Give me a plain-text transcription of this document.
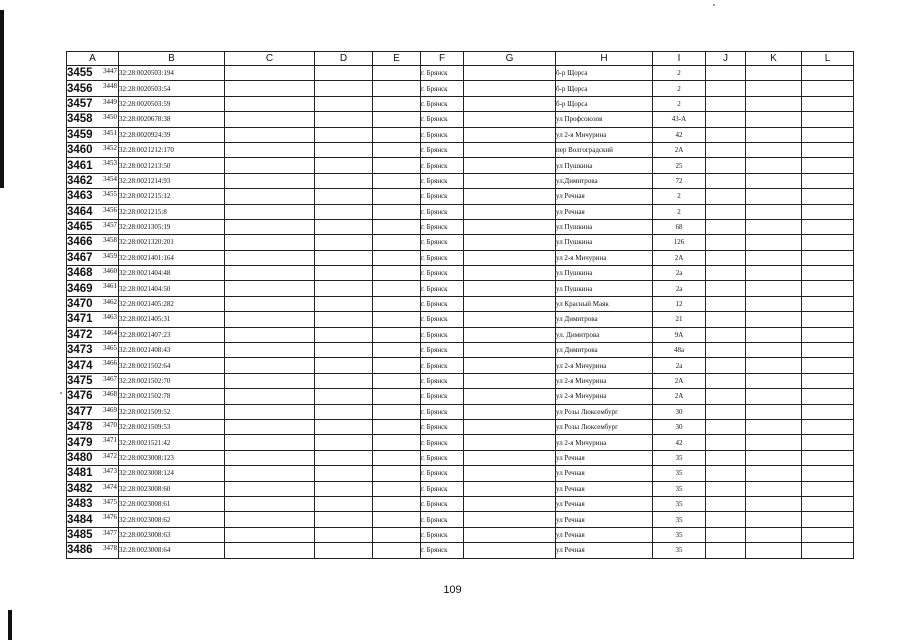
A	B	C	D	E	F	G	H	I	J	K	L
3455 3447	32:28:0020503:194				г. Брянск		б-р Щорса	2			
3456 3448	32:28:0020503:54				г. Брянск		б-р Щорса	2			
3457 3449	32:28:0020503:59				г. Брянск		б-р Щорса	2			
3458 3450	32:28:0020678:38				г. Брянск		ул Профсоюзов	43-А			
3459 3451	32:28:0020924:39				г. Брянск		ул 2-я Мичурина	42			
3460 3452	32:28:0021212:170				г. Брянск		пер Волгоградский	2А			
3461 3453	32:28:0021213:50				г. Брянск		ул Пушкина	25			
3462 3454	32:28:0021214:93				г. Брянск		ул.Димитрова	72			
3463 3455	32:28:0021215:12				г. Брянск		ул Речная	2			
3464 3456	32:28:0021215:8				г. Брянск		ул Речная	2			
3465 3457	32:28:0021305:19				г. Брянск		ул Пушкина	68			
3466 3458	32:28:0021320:201				г. Брянск		ул Пушкина	126			
3467 3459	32:28:0021401:164				г. Брянск		ул 2-я Мичурина	2А			
3468 3460	32:28:0021404:48				г. Брянск		ул Пушкина	2а			
3469 3461	32:28:0021404:50				г. Брянск		ул Пушкина	2а			
3470 3462	32:28:0021405:282				г. Брянск		ул Красный Маяк	12			
3471 3463	32:28:0021405:31				г. Брянск		ул Димитрова	21			
3472 3464	32:28:0021407:23				г. Брянск		ул. Димитрова	9А			
3473 3465	32:28:0021408:43				г. Брянск		ул Димитрова	48а			
3474 3466	32:28:0021502:64				г. Брянск		ул 2-я Мичурина	2а			
3475 3467	32:28:0021502:70				г. Брянск		ул 2-я Мичурина	2А			
3476 3468	32:28:0021502:78				г. Брянск		ул 2-я Мичурина	2А			
3477 3469	32:28:0021509:52				г. Брянск		ул Розы Люксембург	30			
3478 3470	32:28:0021509:53				г. Брянск		ул Розы Люксембург	30			
3479 3471	32:28:0021521:42				г. Брянск		ул 2-я Мичурина	42			
3480 3472	32:28:0023008:123				г. Брянск		ул Речная	35			
3481 3473	32:28:0023008:124				г. Брянск		ул Речная	35			
3482 3474	32:28:0023008:60				г. Брянск		ул Речная	35			
3483 3475	32:28:0023008:61				г. Брянск		ул Речная	35			
3484 3476	32:28:0023008:62				г. Брянск		ул Речная	35			
3485 3477	32:28:0023008:63				г. Брянск		ул Речная	35			
3486 3478	32:28:0023008:64				г. Брянск		ул Речная	35			
109
